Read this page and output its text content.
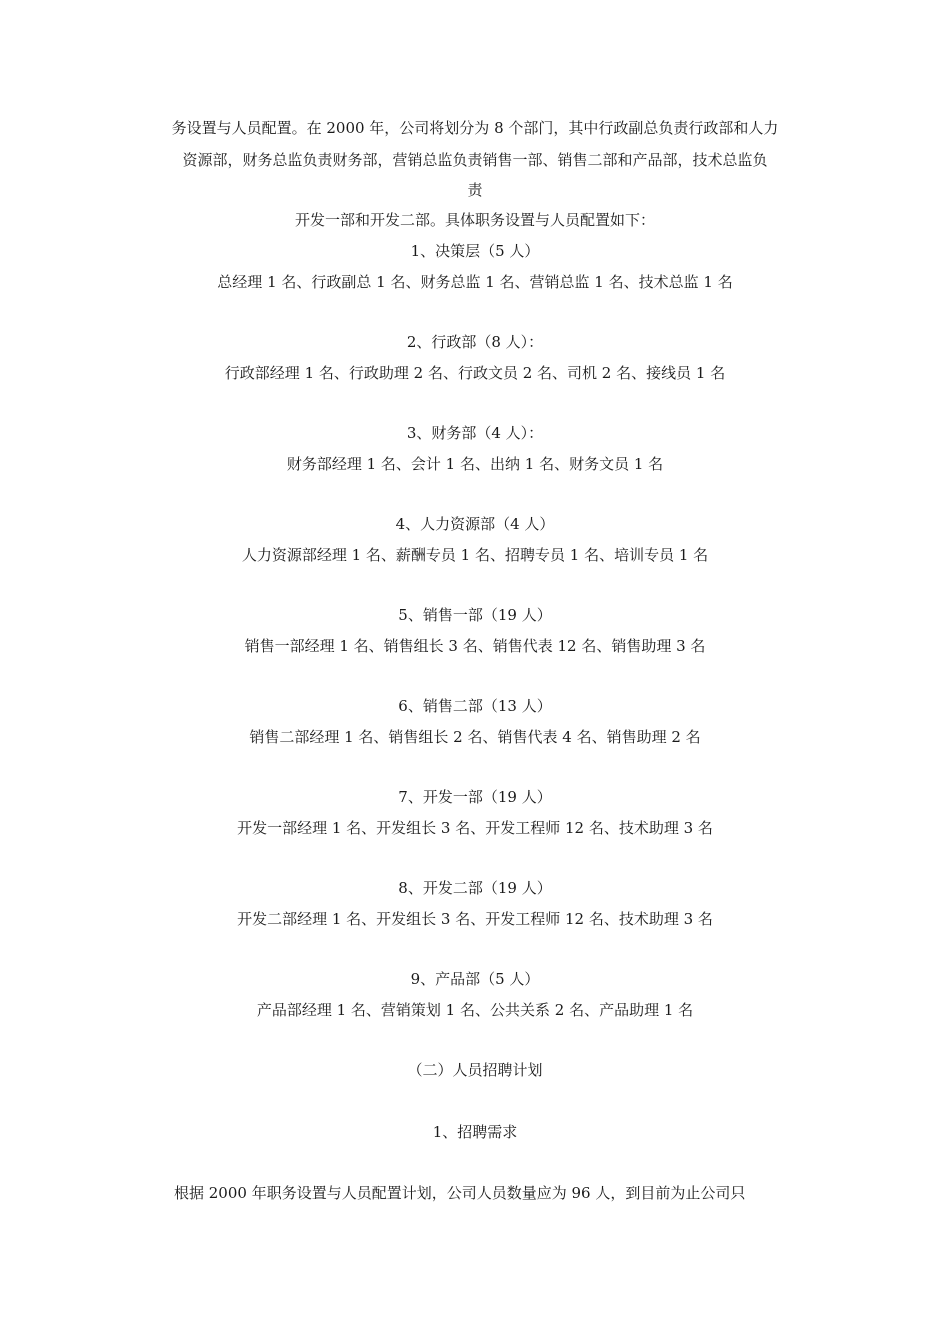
务设置与人员配置。在 2000 年，公司将划分为 8 个部门，其中行政副总负责行政部和人力
资源部，财务总监负责财务部，营销总监负责销售一部、销售二部和产品部，技术总监负
责
开发一部和开发二部。具体职务设置与人员配置如下：
1、决策层（5 人）
总经理 1 名、行政副总 1 名、财务总监 1 名、营销总监 1 名、技术总监 1 名
2、行政部（8 人）：
行政部经理 1 名、行政助理 2 名、行政文员 2 名、司机 2 名、接线员 1 名
3、财务部（4 人）：
财务部经理 1 名、会计 1 名、出纳 1 名、财务文员 1 名
4、人力资源部（4 人）
人力资源部经理 1 名、薪酬专员 1 名、招聘专员 1 名、培训专员 1 名
5、销售一部（19 人）
销售一部经理 1 名、销售组长 3 名、销售代表 12 名、销售助理 3 名
6、销售二部（13 人）
销售二部经理 1 名、销售组长 2 名、销售代表 4 名、销售助理 2 名
7、开发一部（19 人）
开发一部经理 1 名、开发组长 3 名、开发工程师 12 名、技术助理 3 名
8、开发二部（19 人）
开发二部经理 1 名、开发组长 3 名、开发工程师 12 名、技术助理 3 名
9、产品部（5 人）
产品部经理 1 名、营销策划 1 名、公共关系 2 名、产品助理 1 名
（二）人员招聘计划
1、招聘需求
根据 2000 年职务设置与人员配置计划，公司人员数量应为 96 人，到目前为止公司只
